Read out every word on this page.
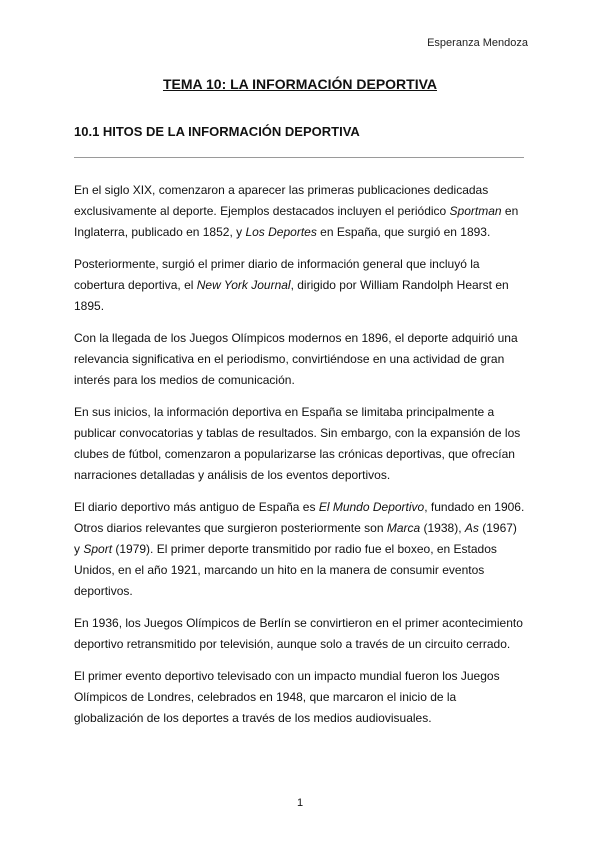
Esperanza Mendoza
TEMA 10: LA INFORMACIÓN DEPORTIVA
10.1 HITOS DE LA INFORMACIÓN DEPORTIVA

En el siglo XIX, comenzaron a aparecer las primeras publicaciones dedicadas exclusivamente al deporte. Ejemplos destacados incluyen el periódico Sportman en Inglaterra, publicado en 1852, y Los Deportes en España, que surgió en 1893.

Posteriormente, surgió el primer diario de información general que incluyó la cobertura deportiva, el New York Journal, dirigido por William Randolph Hearst en 1895.

Con la llegada de los Juegos Olímpicos modernos en 1896, el deporte adquirió una relevancia significativa en el periodismo, convirtiéndose en una actividad de gran interés para los medios de comunicación.

En sus inicios, la información deportiva en España se limitaba principalmente a publicar convocatorias y tablas de resultados. Sin embargo, con la expansión de los clubes de fútbol, comenzaron a popularizarse las crónicas deportivas, que ofrecían narraciones detalladas y análisis de los eventos deportivos.

El diario deportivo más antiguo de España es El Mundo Deportivo, fundado en 1906. Otros diarios relevantes que surgieron posteriormente son Marca (1938), As (1967) y Sport (1979). El primer deporte transmitido por radio fue el boxeo, en Estados Unidos, en el año 1921, marcando un hito en la manera de consumir eventos deportivos.

En 1936, los Juegos Olímpicos de Berlín se convirtieron en el primer acontecimiento deportivo retransmitido por televisión, aunque solo a través de un circuito cerrado.

El primer evento deportivo televisado con un impacto mundial fueron los Juegos Olímpicos de Londres, celebrados en 1948, que marcaron el inicio de la globalización de los deportes a través de los medios audiovisuales.

1
